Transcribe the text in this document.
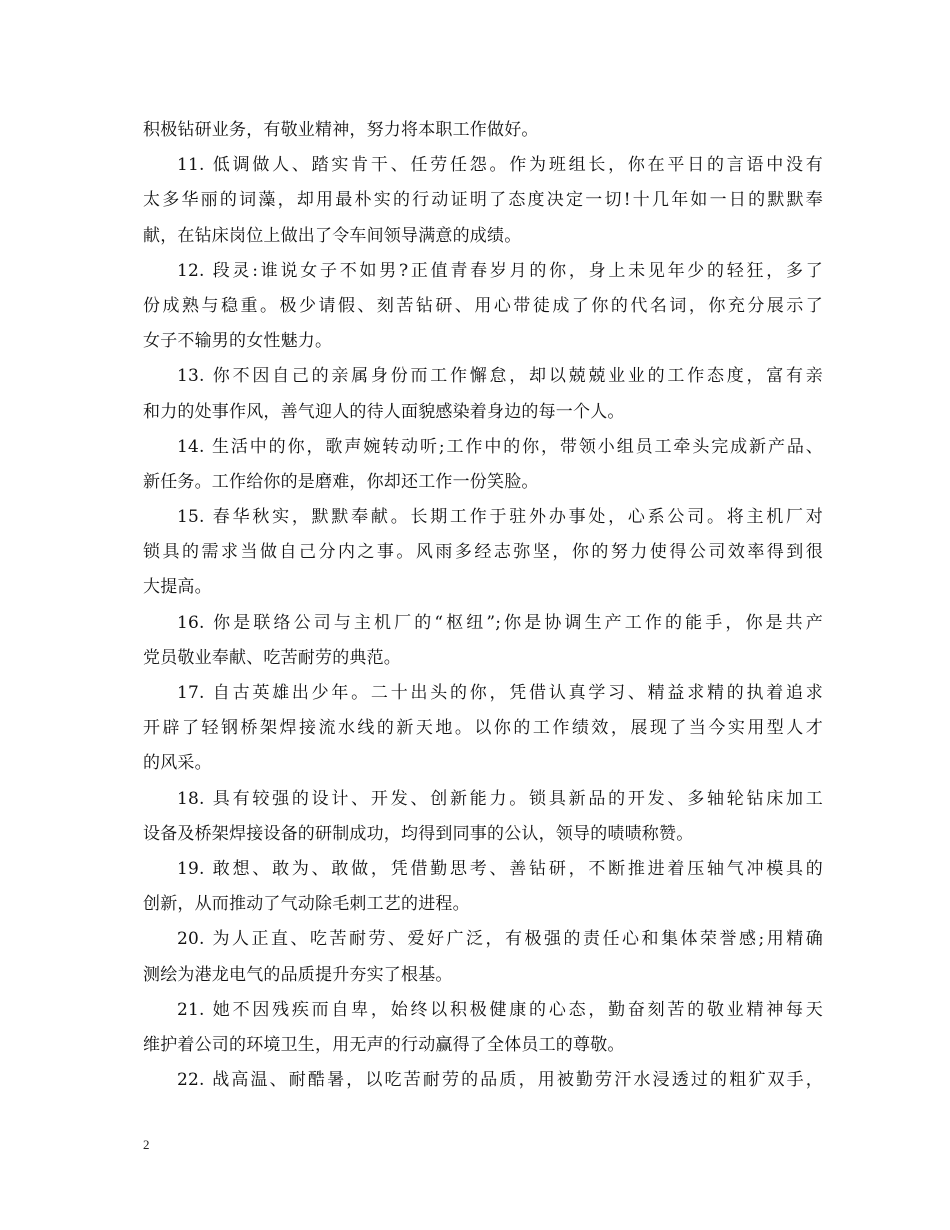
积极钻研业务，有敬业精神，努力将本职工作做好。
11. 低调做人、踏实肯干、任劳任怨。作为班组长，你在平日的言语中没有
太多华丽的词藻，却用最朴实的行动证明了态度决定一切!十几年如一日的默默奉
献，在钻床岗位上做出了令车间领导满意的成绩。
12. 段灵:谁说女子不如男?正值青春岁月的你，身上未见年少的轻狂，多了
份成熟与稳重。极少请假、刻苦钻研、用心带徒成了你的代名词，你充分展示了
女子不输男的女性魅力。
13. 你不因自己的亲属身份而工作懈怠，却以兢兢业业的工作态度，富有亲
和力的处事作风，善气迎人的待人面貌感染着身边的每一个人。
14. 生活中的你，歌声婉转动听;工作中的你，带领小组员工牵头完成新产品、
新任务。工作给你的是磨难，你却还工作一份笑脸。
15. 春华秋实，默默奉献。长期工作于驻外办事处，心系公司。将主机厂对
锁具的需求当做自己分内之事。风雨多经志弥坚，你的努力使得公司效率得到很
大提高。
16. 你是联络公司与主机厂的“枢纽”;你是协调生产工作的能手，你是共产
党员敬业奉献、吃苦耐劳的典范。
17. 自古英雄出少年。二十出头的你，凭借认真学习、精益求精的执着追求
开辟了轻钢桥架焊接流水线的新天地。以你的工作绩效，展现了当今实用型人才
的风采。
18. 具有较强的设计、开发、创新能力。锁具新品的开发、多轴轮钻床加工
设备及桥架焊接设备的研制成功，均得到同事的公认，领导的啧啧称赞。
19. 敢想、敢为、敢做，凭借勤思考、善钻研，不断推进着压轴气冲模具的
创新，从而推动了气动除毛刺工艺的进程。
20. 为人正直、吃苦耐劳、爱好广泛，有极强的责任心和集体荣誉感;用精确
测绘为港龙电气的品质提升夯实了根基。
21. 她不因残疾而自卑，始终以积极健康的心态，勤奋刻苦的敬业精神每天
维护着公司的环境卫生，用无声的行动赢得了全体员工的尊敬。
22. 战高温、耐酷暑，以吃苦耐劳的品质，用被勤劳汗水浸透过的粗犷双手，
2
